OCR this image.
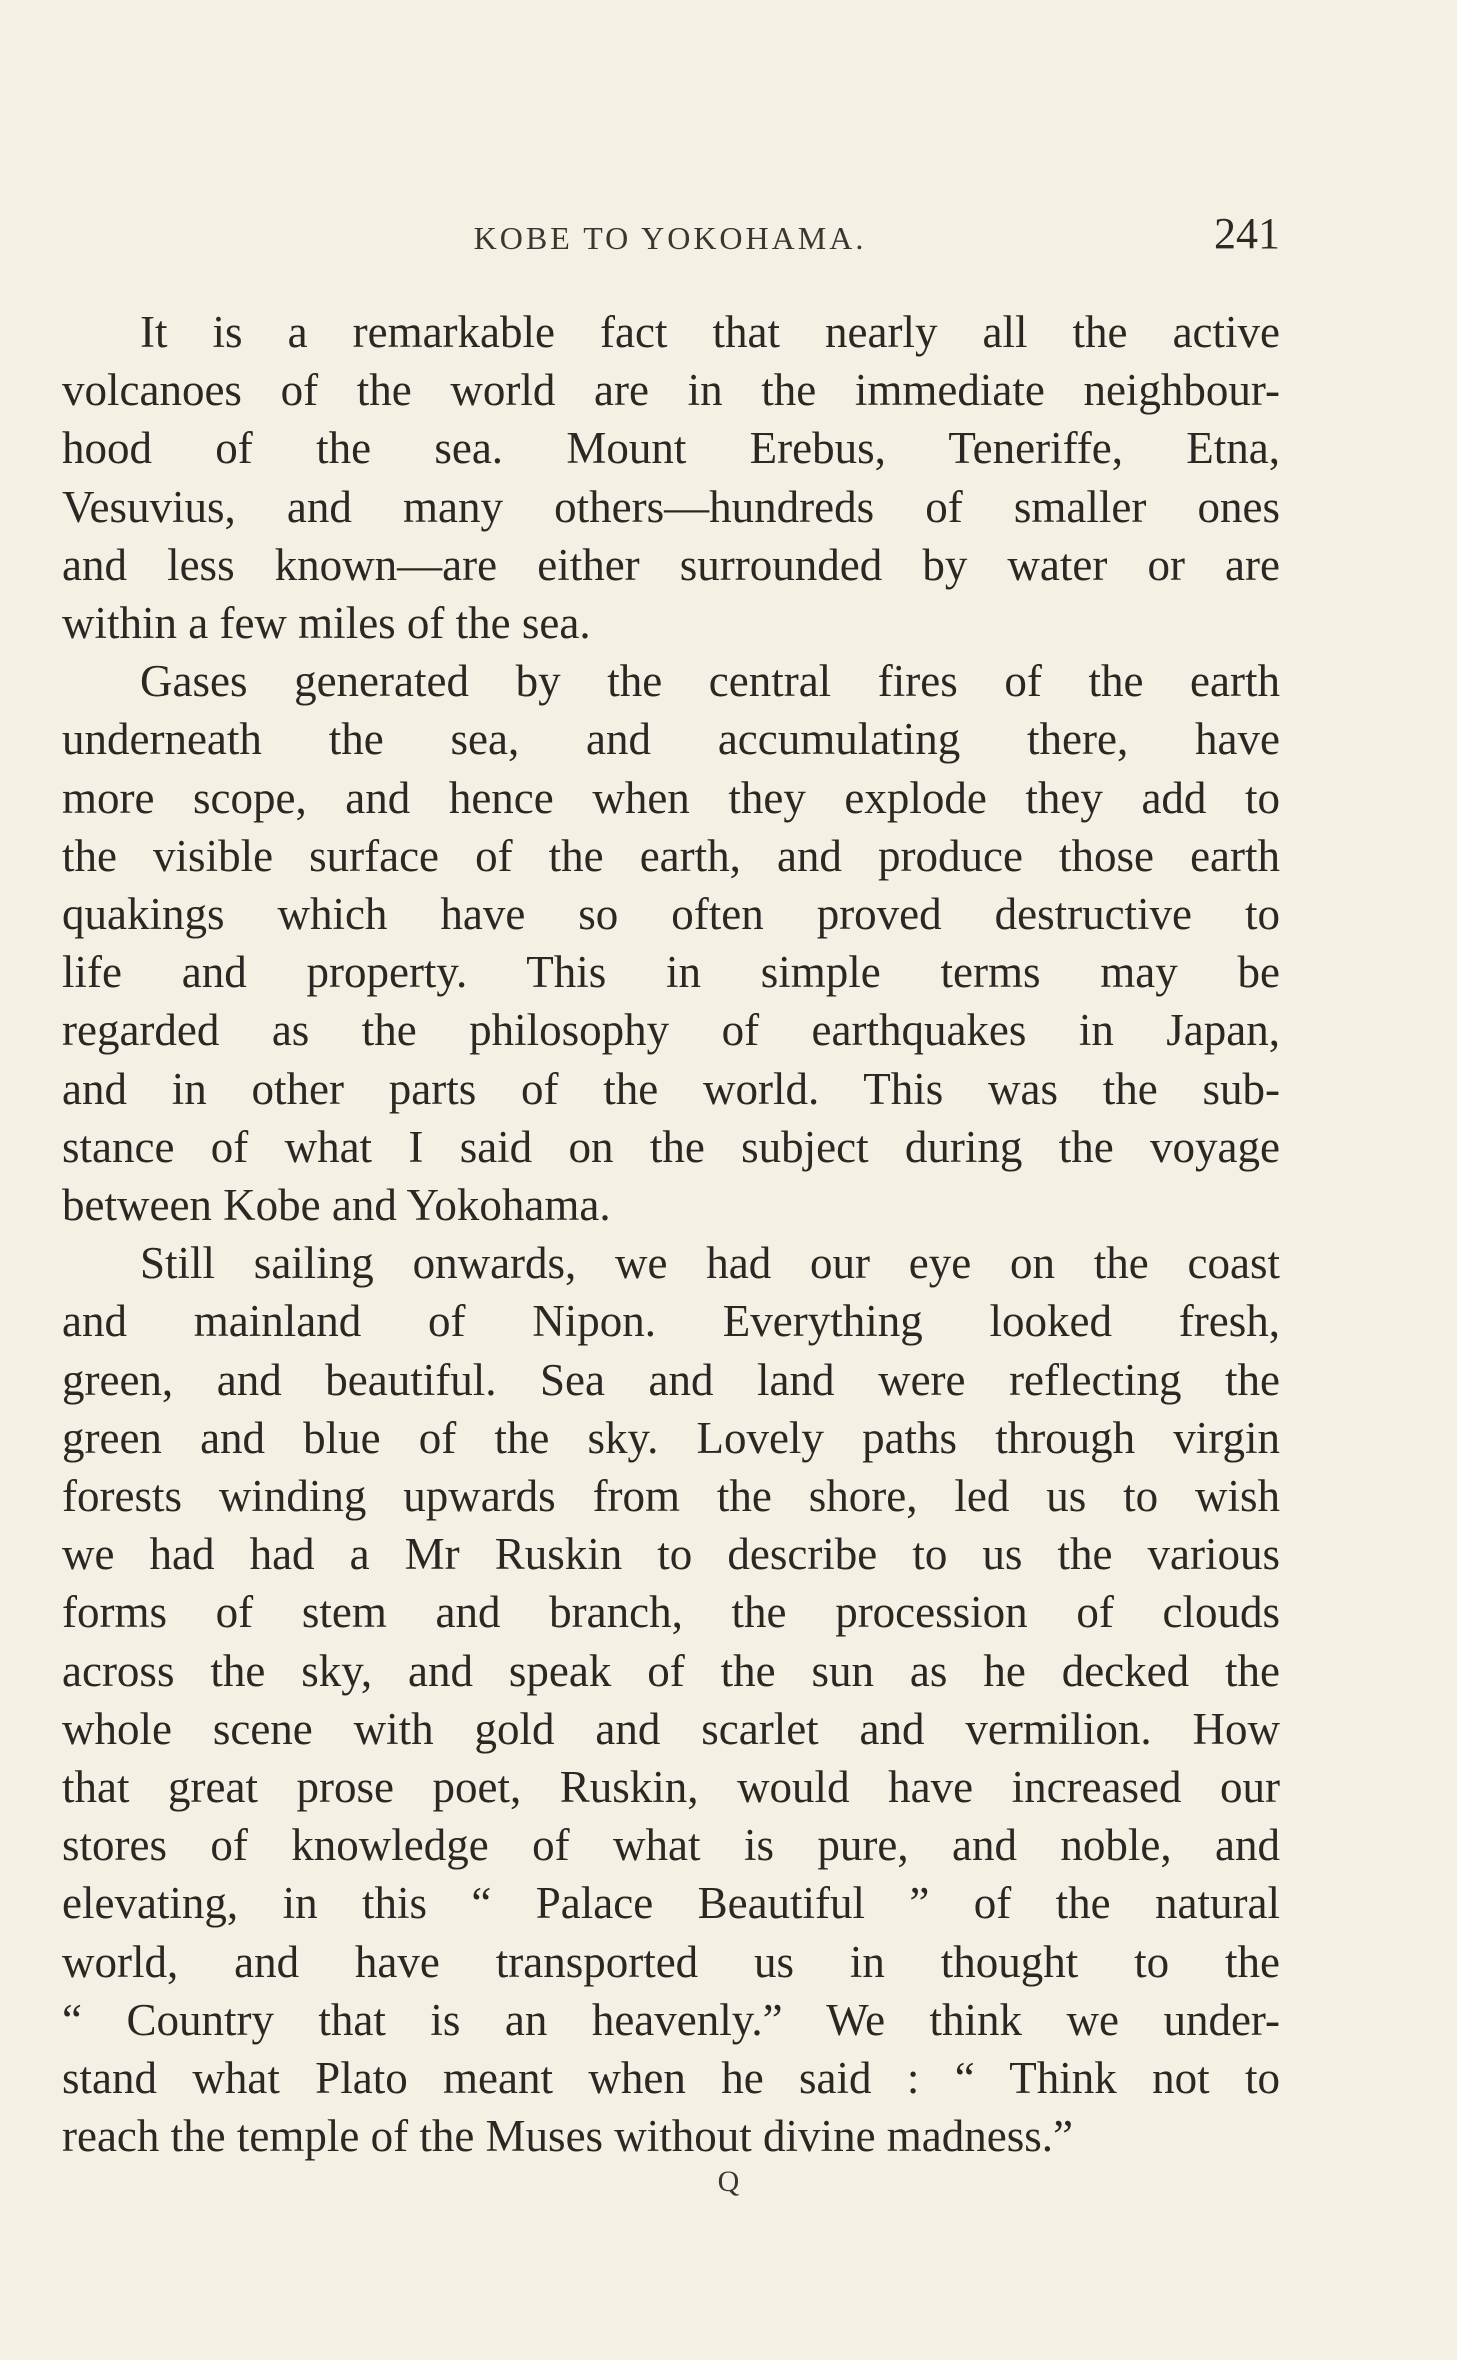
KOBE TO YOKOHAMA.	241

It is a remarkable fact that nearly all the active
volcanoes of the world are in the immediate neighbour-
hood of the sea. Mount Erebus, Teneriffe, Etna,
Vesuvius, and many others—hundreds of smaller ones
and less known—are either surrounded by water or are
within a few miles of the sea.

Gases generated by the central fires of the earth
underneath the sea, and accumulating there, have
more scope, and hence when they explode they add to
the visible surface of the earth, and produce those earth
quakings which have so often proved destructive to
life and property. This in simple terms may be
regarded as the philosophy of earthquakes in Japan,
and in other parts of the world. This was the sub-
stance of what I said on the subject during the voyage
between Kobe and Yokohama.

Still sailing onwards, we had our eye on the coast
and mainland of Nipon. Everything looked fresh,
green, and beautiful. Sea and land were reflecting the
green and blue of the sky. Lovely paths through virgin
forests winding upwards from the shore, led us to wish
we had had a Mr Ruskin to describe to us the various
forms of stem and branch, the procession of clouds
across the sky, and speak of the sun as he decked the
whole scene with gold and scarlet and vermilion. How
that great prose poet, Ruskin, would have increased our
stores of knowledge of what is pure, and noble, and
elevating, in this “ Palace Beautiful ” of the natural
world, and have transported us in thought to the
“ Country that is an heavenly.” We think we under-
stand what Plato meant when he said : “ Think not to
reach the temple of the Muses without divine madness.”

Q
